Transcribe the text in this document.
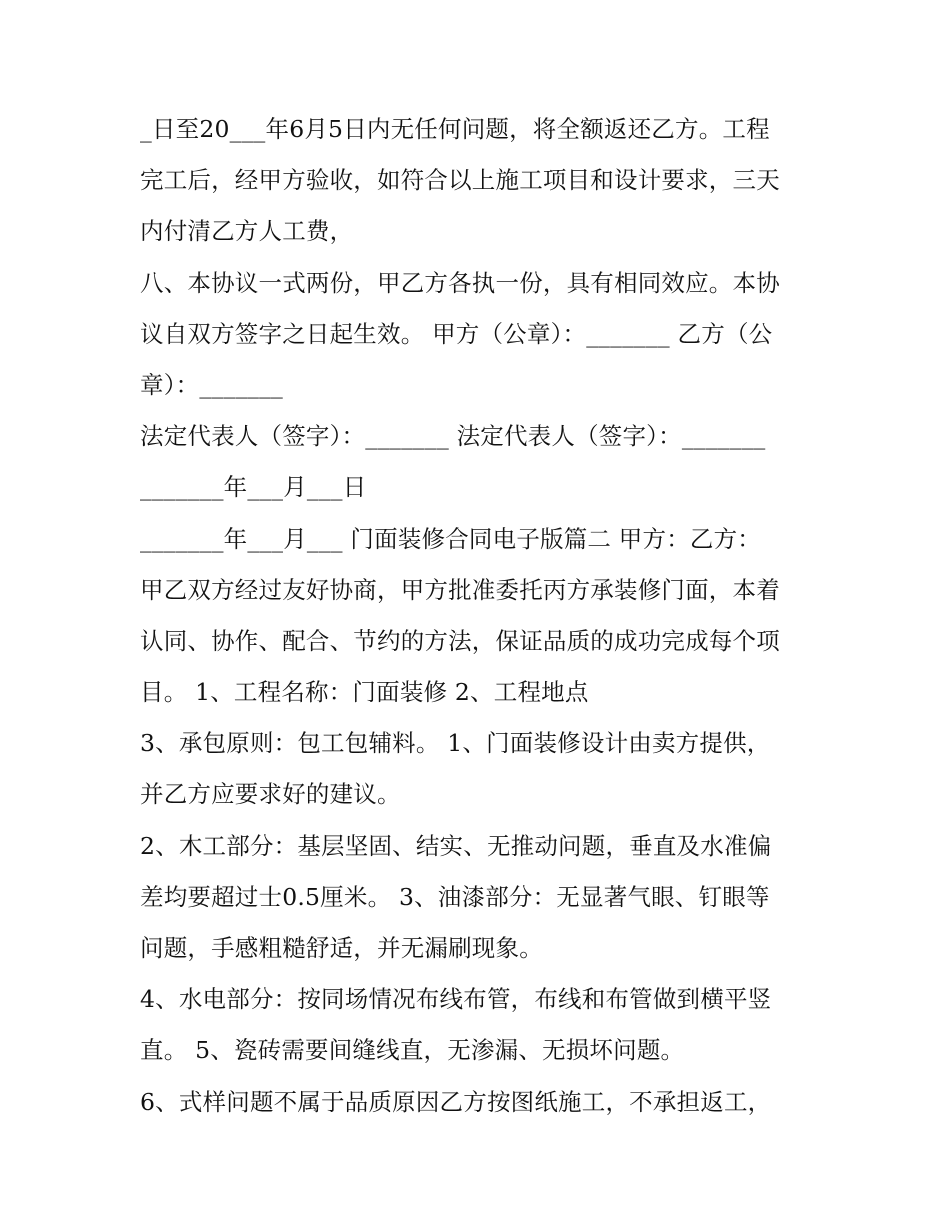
_日至20___年6月5日内无任何问题，将全额返还乙方。工程
完工后，经甲方验收，如符合以上施工项目和设计要求，三天
内付清乙方人工费，
八、本协议一式两份，甲乙方各执一份，具有相同效应。本协
议自双方签字之日起生效。 甲方（公章）：_______ 乙方（公
章）：_______
法定代表人（签字）：_______ 法定代表人（签字）：_______
_______年___月___日
_______年___月___ 门面装修合同电子版篇二 甲方：乙方：
甲乙双方经过友好协商，甲方批准委托丙方承装修门面，本着
认同、协作、配合、节约的方法，保证品质的成功完成每个项
目。 1、工程名称：门面装修 2、工程地点
3、承包原则：包工包辅料。 1、门面装修设计由卖方提供，
并乙方应要求好的建议。
2、木工部分：基层坚固、结实、无推动问题，垂直及水准偏
差均要超过士0.5厘米。 3、油漆部分：无显著气眼、钉眼等
问题，手感粗糙舒适，并无漏刷现象。
4、水电部分：按同场情况布线布管，布线和布管做到横平竖
直。 5、瓷砖需要间缝线直，无渗漏、无损坏问题。
6、式样问题不属于品质原因乙方按图纸施工，不承担返工，
